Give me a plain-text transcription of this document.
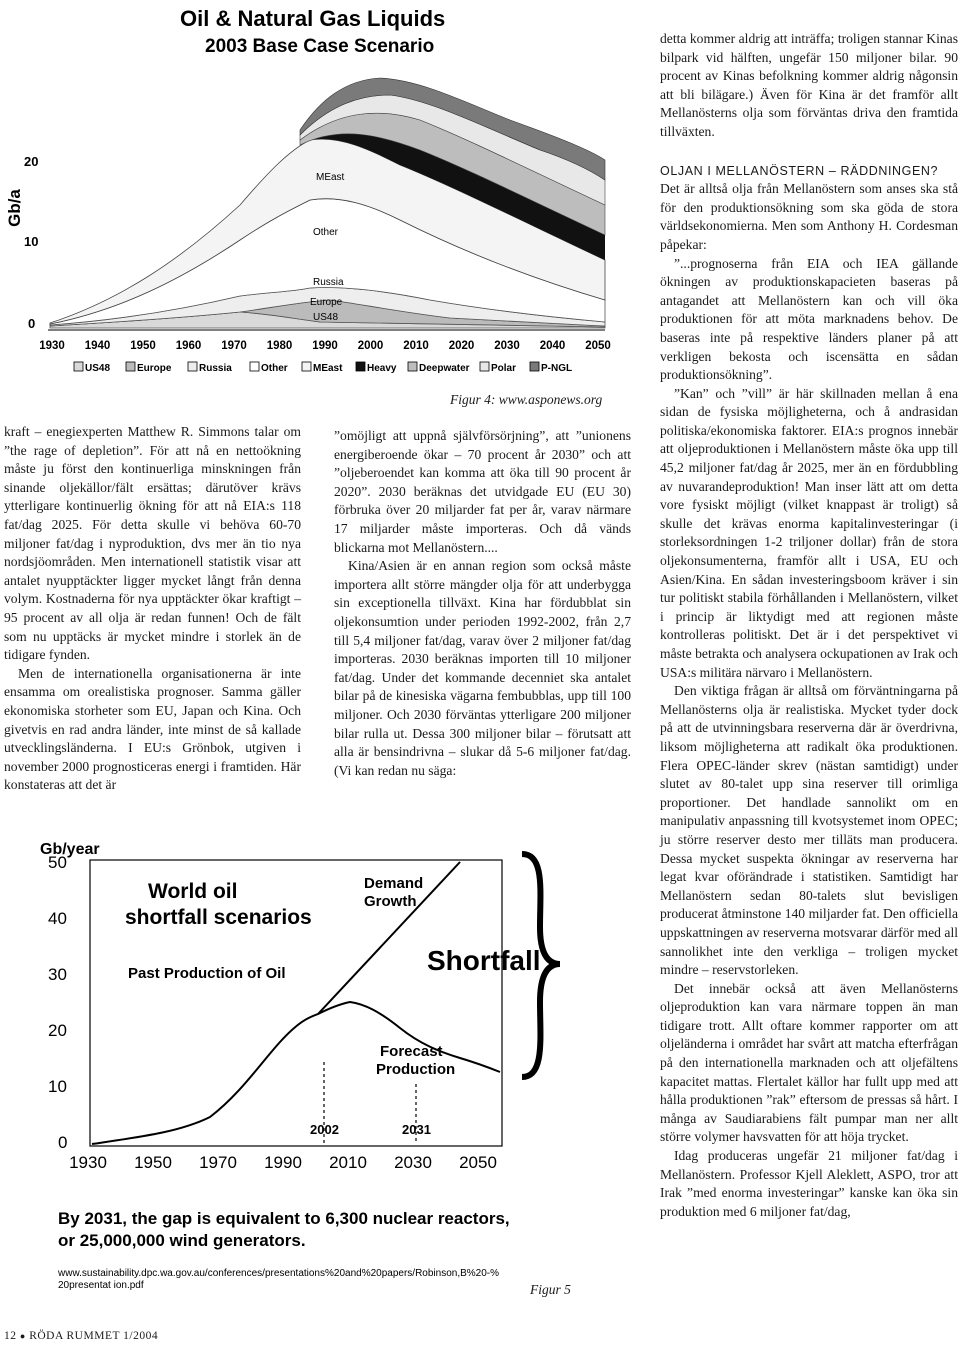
Oil & Natural Gas Liquids
2003 Base Case Scenario
Gb/a
0
10
20
MEast
Other
Russia
Europe
US48
1930 1940 1950 1960 1970 1980 1990 2000 2010 2020 2030 2040 2050
US48	Europe	Russia	Other	MEast Heavy Deepwater Polar P-NGL
Figur 4: www.asponews.org

kraft – enegiexperten Matthew R. Simmons talar om ”the rage of depletion”. För att nå en nettoökning måste ju först den kontinuerliga minskningen från sinande oljekällor/fält ersättas; därutöver krävs ytterligare kontinuerlig ökning för att nå EIA:s 118 fat/dag 2025. För detta skulle vi behöva 60-70 miljoner fat/dag i nyproduktion, dvs mer än tio nya nordsjöområden. Men internationell statistik visar att antalet nyupptäckter ligger mycket långt från denna volym. Kostnaderna för nya upptäckter ökar kraftigt – 95 procent av all olja är redan funnen! Och de fält som nu upptäcks är mycket mindre i storlek än de tidigare fynden.

Men de internationella organisationerna är inte ensamma om orealistiska prognoser. Samma gäller ekonomiska storheter som EU, Japan och Kina. Och givetvis en rad andra länder, inte minst de så kallade utvecklingsländerna. I EU:s Grönbok, utgiven i november 2000 prognosticeras energi i framtiden. Här konstateras att det är

”omöjligt att uppnå självförsörjning”, att ”unionens energiberoende ökar – 70 procent år 2030” och att ”oljeberoendet kan komma att öka till 90 procent år 2020”. 2030 beräknas det utvidgade EU (EU 30) förbruka över 20 miljarder fat per år, varav närmare 17 miljarder måste importeras. Och då vänds blickarna mot Mellanöstern....

Kina/Asien är en annan region som också måste importera allt större mängder olja för att underbygga sin exceptionella tillväxt. Kina har fördubblat sin oljekonsumtion under perioden 1992-2002, från 2,7 till 5,4 miljoner fat/dag, varav över 2 miljoner fat/dag importeras. 2030 beräknas importen till 10 miljoner fat/dag. Under det kommande decenniet ska antalet bilar på de kinesiska vägarna fembubblas, upp till 100 miljoner. Och 2030 förväntas ytterligare 200 miljoner bilar rulla ut. Dessa 300 miljoner bilar – förutsatt att alla är bensindrivna – slukar då 5-6 miljoner fat/dag. (Vi kan redan nu säga:

detta kommer aldrig att inträffa; troligen stannar Kinas bilpark vid hälften, ungefär 150 miljoner bilar. 90 procent av Kinas befolkning kommer aldrig någonsin att bli bilägare.) Även för Kina är det framför allt Mellanösterns olja som förväntas driva den framtida tillväxten.

OLJAN I MELLANÖSTERN – RÄDDNINGEN?

Det är alltså olja från Mellanöstern som anses ska stå för den produktionsökning som ska göda de stora världsekonomierna. Men som Anthony H. Cordesman påpekar:

”...prognoserna från EIA och IEA gällande ökningen av produktionskapacieten baseras på antagandet att Mellanöstern kan och vill öka produktionen för att möta marknadens behov. De baseras inte på respektive länders planer på att verkligen bekosta och iscensätta en sådan produktionsökning”.

”Kan” och ”vill” är här skillnaden mellan å ena sidan de fysiska möjligheterna, och å andrasidan politiska/ekonomiska faktorer. EIA:s prognos innebär att oljeproduktionen i Mellanöstern måste öka upp till 45,2 miljoner fat/dag år 2025, mer än en fördubbling av nuvarandeproduktion! Man inser lätt att om detta vore fysiskt möjligt (vilket knappast är troligt) så skulle det krävas enorma kapitalinvesteringar (i storleksordningen 1-2 triljoner dollar) från de stora oljekonsumenterna, framför allt i USA, EU och Asien/Kina. En sådan investeringsboom kräver i sin tur politiskt stabila förhållanden i Mellanöstern, vilket i princip är liktydigt med att regionen måste kontrolleras politiskt. Det är i det perspektivet vi måste betrakta och analysera ockupationen av Irak och USA:s militära närvaro i Mellanöstern.

Den viktiga frågan är alltså om förväntningarna på Mellanösterns olja är realistiska. Mycket tyder dock på att de utvinningsbara reserverna där är överdrivna, liksom möjligheterna att radikalt öka produktionen. Flera OPEC-länder skrev (nästan samtidigt) under slutet av 80-talet upp sina reserver till orimliga proportioner. Det handlade sannolikt om en manipulativ anpassning till kvotsystemet inom OPEC; ju större reserver desto mer tilläts man producera. Dessa mycket suspekta ökningar av reserverna har legat kvar oförändrade i statistiken. Samtidigt har Mellanöstern sedan 80-talets slut bevisligen producerat åtminstone 140 miljarder fat. Den officiella uppskattningen av reserverna motsvarar därför med all sannolikhet inte den verkliga – troligen mycket mindre – reservstorleken.

Det innebär också att även Mellanösterns oljeproduktion kan vara närmare toppen än man tidigare trott. Allt oftare kommer rapporter om att oljeländerna i området har svårt att matcha efterfrågan på den internationella marknaden och att oljefältens kapacitet mattas. Flertalet källor har fullt upp med att hålla produktionen ”rak” eftersom de pressas så hårt. I många av Saudiarabiens fält pumpar man ner allt större volymer havsvatten för att höja trycket.

Idag produceras ungefär 21 miljoner fat/dag i Mellanöstern. Professor Kjell Aleklett, ASPO, tror att Irak ”med enorma investeringar” kanske kan öka sin produktion med 6 miljoner fat/dag,

Gb/year
50
40
30
20
10
0
1930 1950 1970 1990 2010 2030 2050
World oil
shortfall scenarios
Past Production of Oil
Demand
Growth
Shortfall
Forecast
Production
2002	2031
By 2031, the gap is equivalent to 6,300 nuclear reactors,
or 25,000,000 wind generators.
www.sustainability.dpc.wa.gov.au/conferences/presentations%20and%20papers/Robinson,B%20-%
20presentat ion.pdf	Figur 5
12 ● RÖDA RUMMET 1/2004
